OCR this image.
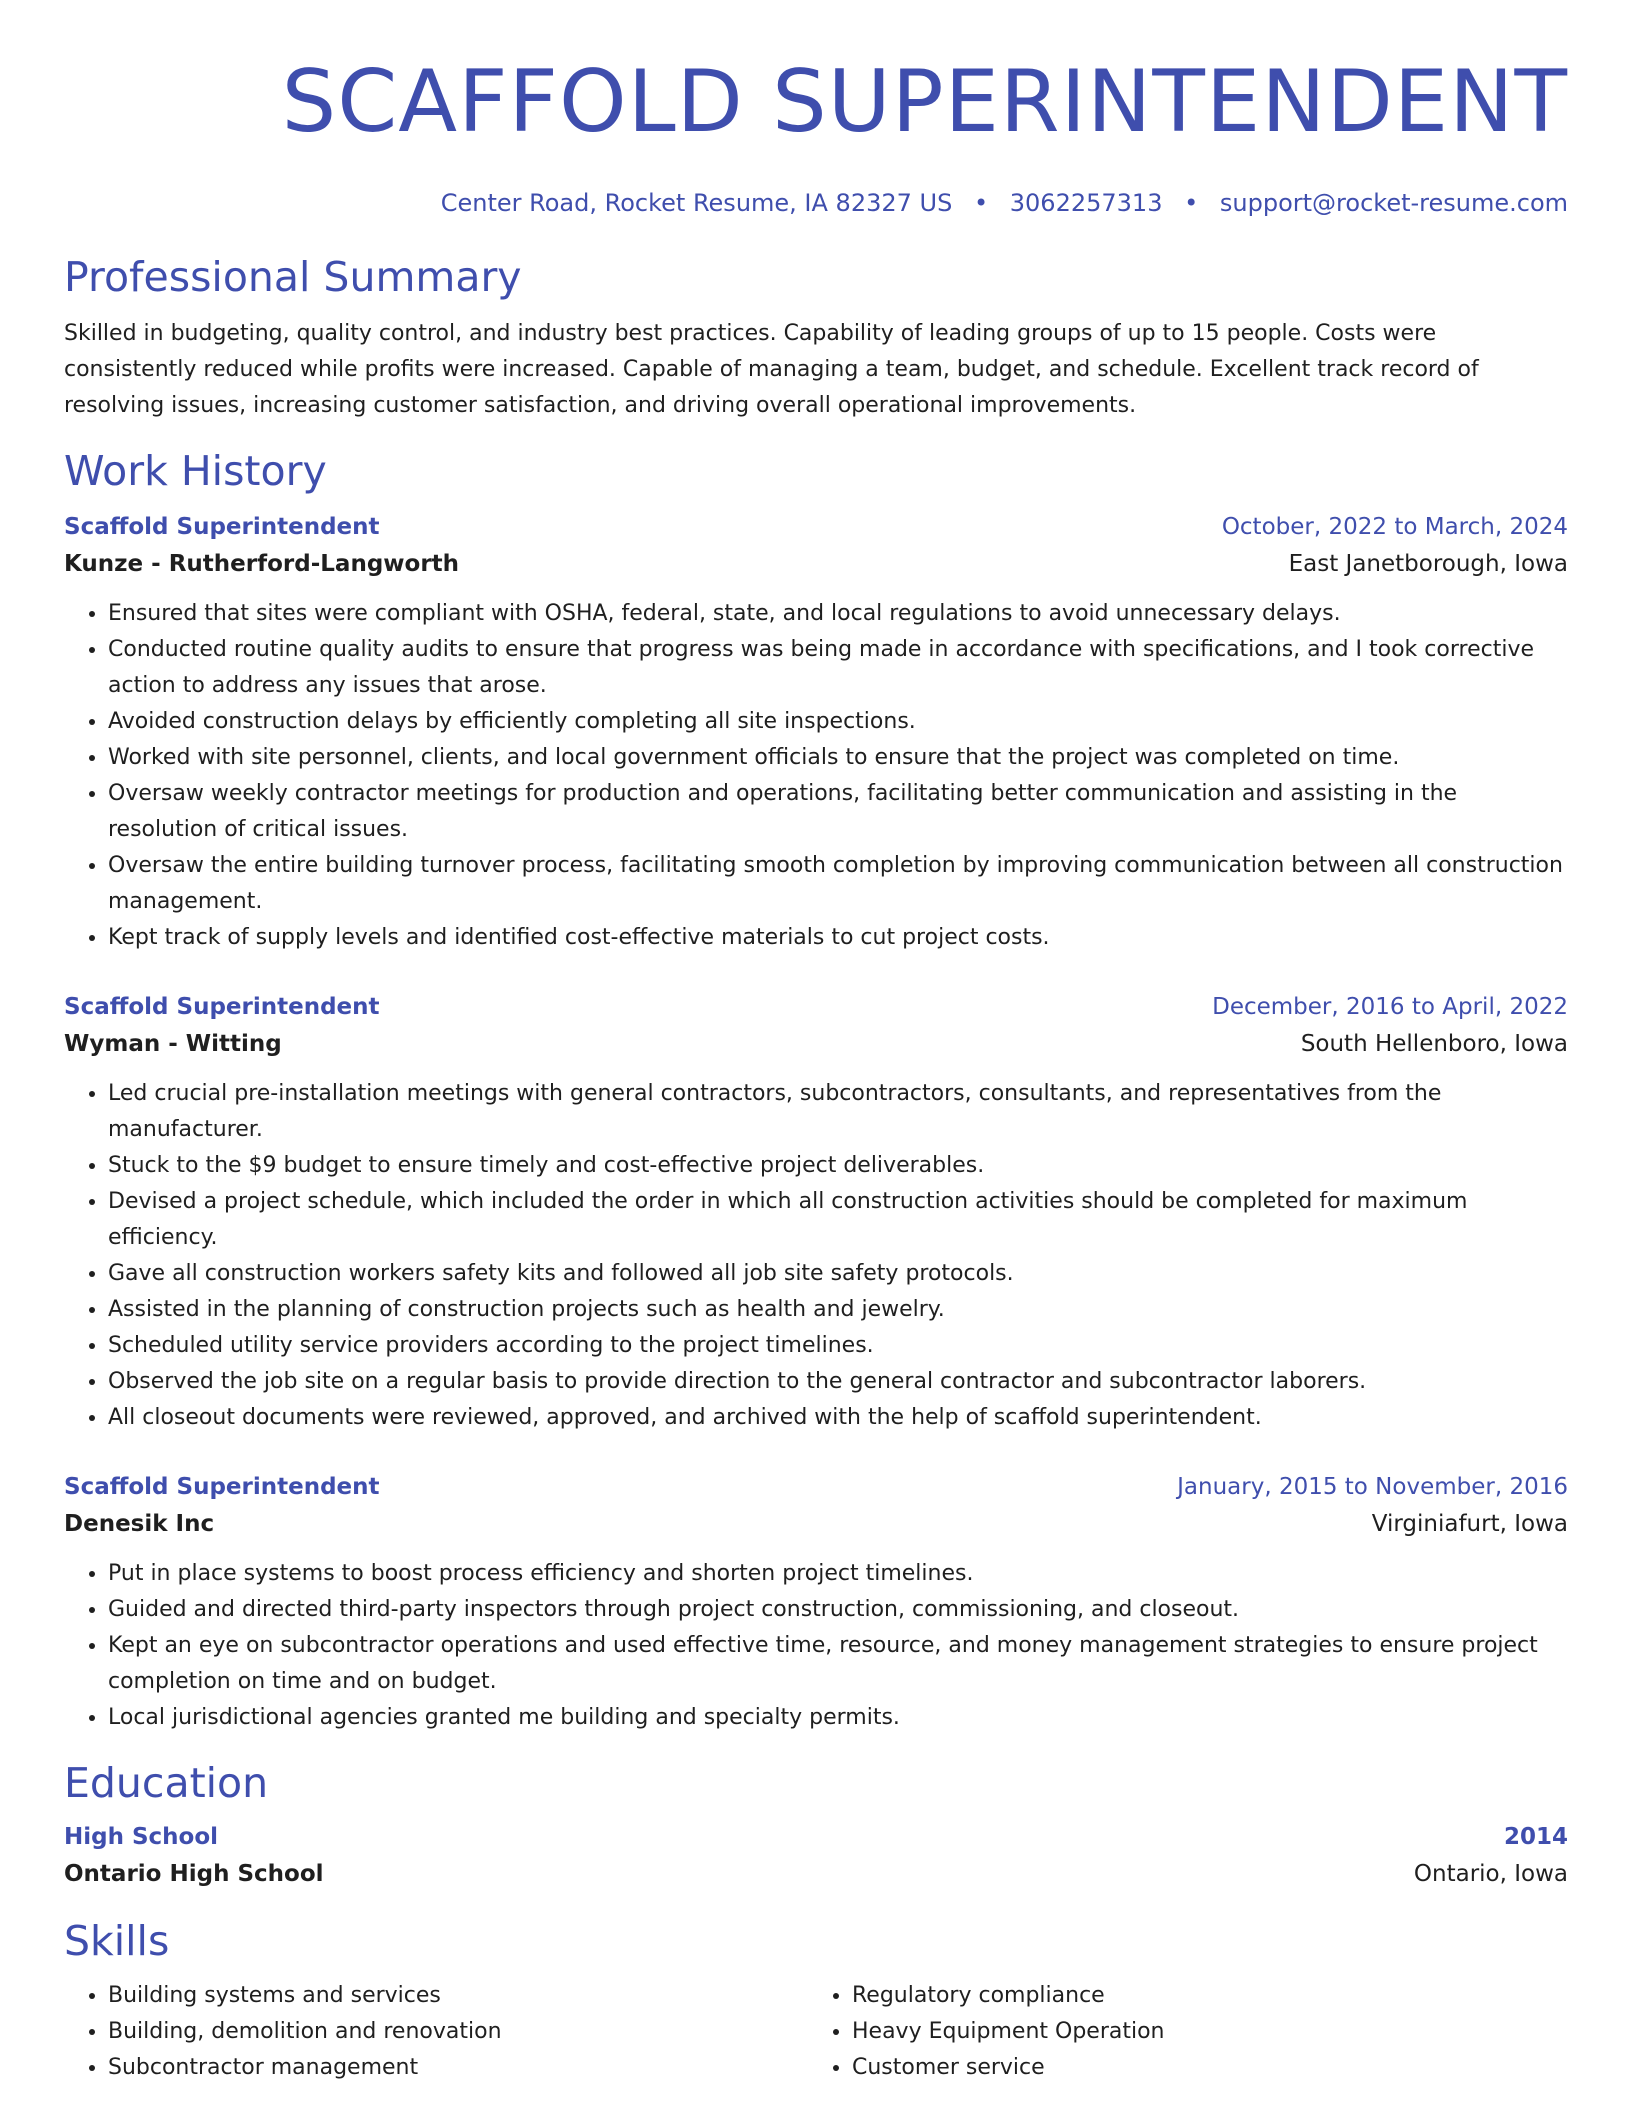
SCAFFOLD SUPERINTENDENT
Center Road, Rocket Resume, IA 82327 US • 3062257313 • support@rocket-resume.com
Professional Summary
Skilled in budgeting, quality control, and industry best practices. Capability of leading groups of up to 15 people. Costs were consistently reduced while profits were increased. Capable of managing a team, budget, and schedule. Excellent track record of resolving issues, increasing customer satisfaction, and driving overall operational improvements.
Work History
Scaffold Superintendent	October, 2022 to March, 2024
Kunze - Rutherford-Langworth	East Janetborough, Iowa
• Ensured that sites were compliant with OSHA, federal, state, and local regulations to avoid unnecessary delays.
• Conducted routine quality audits to ensure that progress was being made in accordance with specifications, and I took corrective action to address any issues that arose.
• Avoided construction delays by efficiently completing all site inspections.
• Worked with site personnel, clients, and local government officials to ensure that the project was completed on time.
• Oversaw weekly contractor meetings for production and operations, facilitating better communication and assisting in the resolution of critical issues.
• Oversaw the entire building turnover process, facilitating smooth completion by improving communication between all construction management.
• Kept track of supply levels and identified cost-effective materials to cut project costs.
Scaffold Superintendent	December, 2016 to April, 2022
Wyman - Witting	South Hellenboro, Iowa
• Led crucial pre-installation meetings with general contractors, subcontractors, consultants, and representatives from the manufacturer.
• Stuck to the $9 budget to ensure timely and cost-effective project deliverables.
• Devised a project schedule, which included the order in which all construction activities should be completed for maximum efficiency.
• Gave all construction workers safety kits and followed all job site safety protocols.
• Assisted in the planning of construction projects such as health and jewelry.
• Scheduled utility service providers according to the project timelines.
• Observed the job site on a regular basis to provide direction to the general contractor and subcontractor laborers.
• All closeout documents were reviewed, approved, and archived with the help of scaffold superintendent.
Scaffold Superintendent	January, 2015 to November, 2016
Denesik Inc	Virginiafurt, Iowa
• Put in place systems to boost process efficiency and shorten project timelines.
• Guided and directed third-party inspectors through project construction, commissioning, and closeout.
• Kept an eye on subcontractor operations and used effective time, resource, and money management strategies to ensure project completion on time and on budget.
• Local jurisdictional agencies granted me building and specialty permits.
Education
High School	2014
Ontario High School	Ontario, Iowa
Skills
• Building systems and services
• Building, demolition and renovation
• Subcontractor management
• Regulatory compliance
• Heavy Equipment Operation
• Customer service
